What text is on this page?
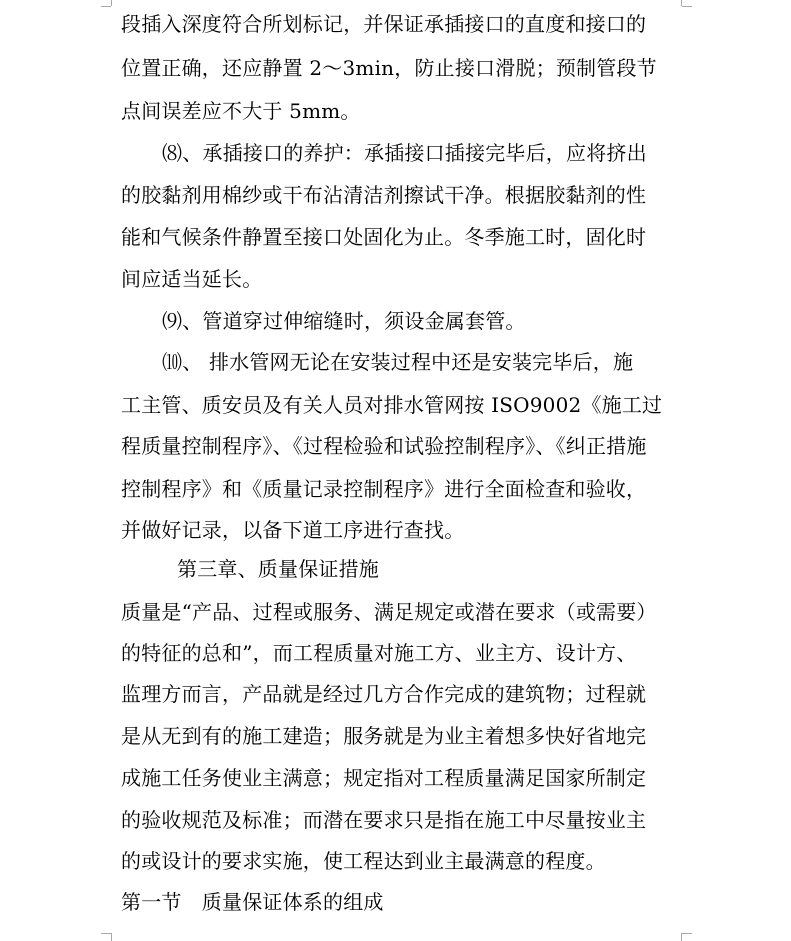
段插入深度符合所划标记，并保证承插接口的直度和接口的
位置正确，还应静置 2～3min，防止接口滑脱；预制管段节
点间误差应不大于 5mm。
⑻、承插接口的养护：承插接口插接完毕后，应将挤出
的胶黏剂用棉纱或干布沾清洁剂擦试干净。根据胶黏剂的性
能和气候条件静置至接口处固化为止。冬季施工时，固化时
间应适当延长。
⑼、管道穿过伸缩缝时，须设金属套管。
⑽、 排水管网无论在安装过程中还是安装完毕后，施
工主管、质安员及有关人员对排水管网按 ISO9002《施工过
程质量控制程序》、《过程检验和试验控制程序》、《纠正措施
控制程序》和《质量记录控制程序》进行全面检查和验收，
并做好记录，以备下道工序进行查找。
第三章、质量保证措施
质量是“产品、过程或服务、满足规定或潜在要求（或需要）
的特征的总和”，而工程质量对施工方、业主方、设计方、
监理方而言，产品就是经过几方合作完成的建筑物；过程就
是从无到有的施工建造；服务就是为业主着想多快好省地完
成施工任务使业主满意；规定指对工程质量满足国家所制定
的验收规范及标准；而潜在要求只是指在施工中尽量按业主
的或设计的要求实施，使工程达到业主最满意的程度。
第一节　质量保证体系的组成
